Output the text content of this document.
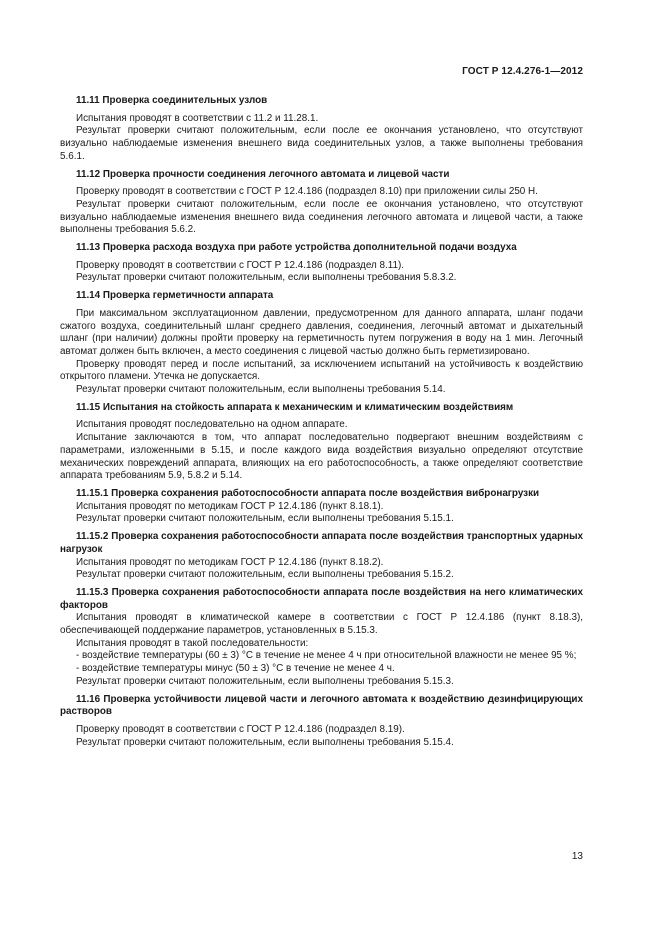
ГОСТ Р 12.4.276-1—2012

11.11 Проверка соединительных узлов

Испытания проводят в соответствии с 11.2 и 11.28.1.

Результат проверки считают положительным, если после ее окончания установлено, что отсутствуют визуально наблюдаемые изменения внешнего вида соединительных узлов, а также выполнены требования 5.6.1.

11.12 Проверка прочности соединения легочного автомата и лицевой части

Проверку проводят в соответствии с ГОСТ Р 12.4.186 (подраздел 8.10) при приложении силы 250 Н.

Результат проверки считают положительным, если после ее окончания установлено, что отсутствуют визуально наблюдаемые изменения внешнего вида соединения легочного автомата и лицевой части, а также выполнены требования 5.6.2.

11.13 Проверка расхода воздуха при работе устройства дополнительной подачи воздуха

Проверку проводят в соответствии с ГОСТ Р 12.4.186 (подраздел 8.11).

Результат проверки считают положительным, если выполнены требования 5.8.3.2.

11.14 Проверка герметичности аппарата

При максимальном эксплуатационном давлении, предусмотренном для данного аппарата, шланг подачи сжатого воздуха, соединительный шланг среднего давления, соединения, легочный автомат и дыхательный шланг (при наличии) должны пройти проверку на герметичность путем погружения в воду на 1 мин. Легочный автомат должен быть включен, а место соединения с лицевой частью должно быть герметизировано.

Проверку проводят перед и после испытаний, за исключением испытаний на устойчивость к воздействию открытого пламени. Утечка не допускается.

Результат проверки считают положительным, если выполнены требования 5.14.

11.15 Испытания на стойкость аппарата к механическим и климатическим воздействиям

Испытания проводят последовательно на одном аппарате.

Испытание заключаются в том, что аппарат последовательно подвергают внешним воздействиям с параметрами, изложенными в 5.15, и после каждого вида воздействия визуально определяют отсутствие механических повреждений аппарата, влияющих на его работоспособность, а также определяют соответствие аппарата требованиям 5.9, 5.8.2 и 5.14.

11.15.1 Проверка сохранения работоспособности аппарата после воздействия вибронагрузки

Испытания проводят по методикам ГОСТ Р 12.4.186 (пункт 8.18.1).

Результат проверки считают положительным, если выполнены требования 5.15.1.

11.15.2 Проверка сохранения работоспособности аппарата после воздействия транспортных ударных нагрузок

Испытания проводят по методикам ГОСТ Р 12.4.186 (пункт 8.18.2).

Результат проверки считают положительным, если выполнены требования 5.15.2.

11.15.3 Проверка сохранения работоспособности аппарата после воздействия на него климатических факторов

Испытания проводят в климатической камере в соответствии с ГОСТ Р 12.4.186 (пункт 8.18.3), обеспечивающей поддержание параметров, установленных в 5.15.3.

Испытания проводят в такой последовательности:

- воздействие температуры (60 ± 3) °C в течение не менее 4 ч при относительной влажности не менее 95 %;

- воздействие температуры минус (50 ± 3) °C в течение не менее 4 ч.

Результат проверки считают положительным, если выполнены требования 5.15.3.

11.16 Проверка устойчивости лицевой части и легочного автомата к воздействию дезинфицирующих растворов

Проверку проводят в соответствии с ГОСТ Р 12.4.186 (подраздел 8.19).

Результат проверки считают положительным, если выполнены требования 5.15.4.

13
